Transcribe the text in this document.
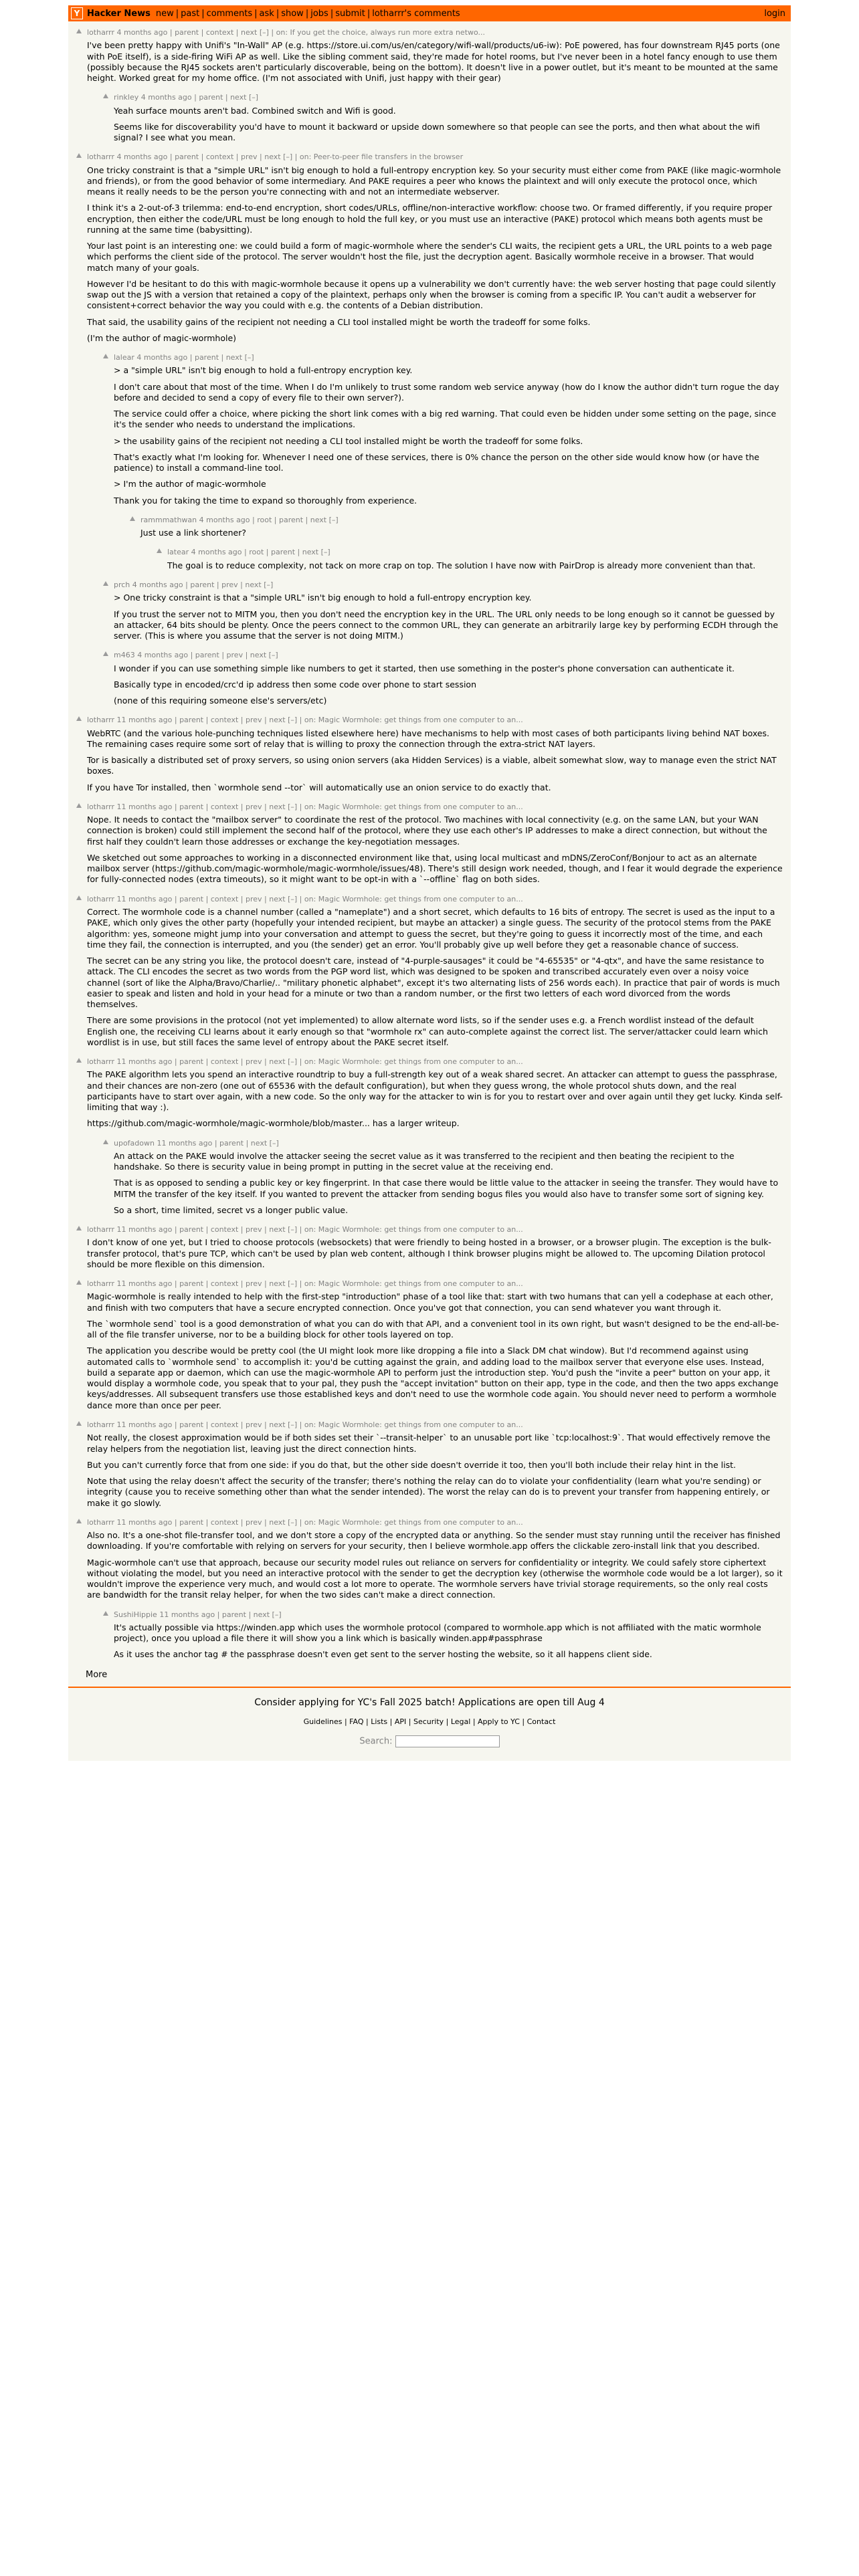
Y Hacker News new | past | comments | ask | show | jobs | submit | lotharrr's comments	login
lotharrr 4 months ago | parent | context | next [–] | on: If you get the choice, always run more extra netwo...

I've been pretty happy with Unifi's "In-Wall" AP (e.g. https://store.ui.com/us/en/category/wifi-wall/products/u6-iw): PoE powered, has four downstream RJ45 ports (one with PoE itself), is a side-firing WiFi AP as well. Like the sibling comment said, they're made for hotel rooms, but I've never been in a hotel fancy enough to use them (possibly because the RJ45 sockets aren't particularly discoverable, being on the bottom). It doesn't live in a power outlet, but it's meant to be mounted at the same height. Worked great for my home office. (I'm not associated with Unifi, just happy with their gear)

rinkley 4 months ago | parent | next [–]

Yeah surface mounts aren't bad. Combined switch and Wifi is good.

Seems like for discoverability you'd have to mount it backward or upside down somewhere so that people can see the ports, and then what about the wifi signal? I see what you mean.

lotharrr 4 months ago | parent | context | prev | next [–] | on: Peer-to-peer file transfers in the browser

One tricky constraint is that a "simple URL" isn't big enough to hold a full-entropy encryption key. So your security must either come from PAKE (like magic-wormhole and friends), or from the good behavior of some intermediary. And PAKE requires a peer who knows the plaintext and will only execute the protocol once, which means it really needs to be the person you're connecting with and not an intermediate webserver.

I think it's a 2-out-of-3 trilemma: end-to-end encryption, short codes/URLs, offline/non-interactive workflow: choose two. Or framed differently, if you require proper encryption, then either the code/URL must be long enough to hold the full key, or you must use an interactive (PAKE) protocol which means both agents must be running at the same time (babysitting).

Your last point is an interesting one: we could build a form of magic-wormhole where the sender's CLI waits, the recipient gets a URL, the URL points to a web page which performs the client side of the protocol. The server wouldn't host the file, just the decryption agent. Basically wormhole receive in a browser. That would match many of your goals.

However I'd be hesitant to do this with magic-wormhole because it opens up a vulnerability we don't currently have: the web server hosting that page could silently swap out the JS with a version that retained a copy of the plaintext, perhaps only when the browser is coming from a specific IP. You can't audit a webserver for consistent+correct behavior the way you could with e.g. the contents of a Debian distribution.

That said, the usability gains of the recipient not needing a CLI tool installed might be worth the tradeoff for some folks.

(I'm the author of magic-wormhole)

lalear 4 months ago | parent | next [–]

> a "simple URL" isn't big enough to hold a full-entropy encryption key.

I don't care about that most of the time. When I do I'm unlikely to trust some random web service anyway (how do I know the author didn't turn rogue the day before and decided to send a copy of every file to their own server?).

The service could offer a choice, where picking the short link comes with a big red warning. That could even be hidden under some setting on the page, since it's the sender who needs to understand the implications.

> the usability gains of the recipient not needing a CLI tool installed might be worth the tradeoff for some folks.

That's exactly what I'm looking for. Whenever I need one of these services, there is 0% chance the person on the other side would know how (or have the patience) to install a command-line tool.

> I'm the author of magic-wormhole

Thank you for taking the time to expand so thoroughly from experience.

rammmathwan 4 months ago | root | parent | next [–]

Just use a link shortener?

latear 4 months ago | root | parent | next [–]

The goal is to reduce complexity, not tack on more crap on top. The solution I have now with PairDrop is already more convenient than that.

prch 4 months ago | parent | prev | next [–]

> One tricky constraint is that a "simple URL" isn't big enough to hold a full-entropy encryption key.

If you trust the server not to MITM you, then you don't need the encryption key in the URL. The URL only needs to be long enough so it cannot be guessed by an attacker, 64 bits should be plenty. Once the peers connect to the common URL, they can generate an arbitrarily large key by performing ECDH through the server. (This is where you assume that the server is not doing MITM.)

m463 4 months ago | parent | prev | next [–]

I wonder if you can use something simple like numbers to get it started, then use something in the poster's phone conversation can authenticate it.

Basically type in encoded/crc'd ip address then some code over phone to start session

(none of this requiring someone else's servers/etc)

lotharrr 11 months ago | parent | context | prev | next [–] | on: Magic Wormhole: get things from one computer to an...

WebRTC (and the various hole-punching techniques listed elsewhere here) have mechanisms to help with most cases of both participants living behind NAT boxes. The remaining cases require some sort of relay that is willing to proxy the connection through the extra-strict NAT layers.

Tor is basically a distributed set of proxy servers, so using onion servers (aka Hidden Services) is a viable, albeit somewhat slow, way to manage even the strict NAT boxes.

If you have Tor installed, then `wormhole send --tor` will automatically use an onion service to do exactly that.

lotharrr 11 months ago | parent | context | prev | next [–] | on: Magic Wormhole: get things from one computer to an...

Nope. It needs to contact the "mailbox server" to coordinate the rest of the protocol. Two machines with local connectivity (e.g. on the same LAN, but your WAN connection is broken) could still implement the second half of the protocol, where they use each other's IP addresses to make a direct connection, but without the first half they couldn't learn those addresses or exchange the key-negotiation messages.

We sketched out some approaches to working in a disconnected environment like that, using local multicast and mDNS/ZeroConf/Bonjour to act as an alternate mailbox server (https://github.com/magic-wormhole/magic-wormhole/issues/48). There's still design work needed, though, and I fear it would degrade the experience for fully-connected nodes (extra timeouts), so it might want to be opt-in with a `--offline` flag on both sides.

lotharrr 11 months ago | parent | context | prev | next [–] | on: Magic Wormhole: get things from one computer to an...

Correct. The wormhole code is a channel number (called a "nameplate") and a short secret, which defaults to 16 bits of entropy. The secret is used as the input to a PAKE, which only gives the other party (hopefully your intended recipient, but maybe an attacker) a single guess. The security of the protocol stems from the PAKE algorithm: yes, someone might jump into your conversation and attempt to guess the secret, but they're going to guess it incorrectly most of the time, and each time they fail, the connection is interrupted, and you (the sender) get an error. You'll probably give up well before they get a reasonable chance of success.

The secret can be any string you like, the protocol doesn't care, instead of "4-purple-sausages" it could be "4-65535" or "4-qtx", and have the same resistance to attack. The CLI encodes the secret as two words from the PGP word list, which was designed to be spoken and transcribed accurately even over a noisy voice channel (sort of like the Alpha/Bravo/Charlie/.. "military phonetic alphabet", except it's two alternating lists of 256 words each). In practice that pair of words is much easier to speak and listen and hold in your head for a minute or two than a random number, or the first two letters of each word divorced from the words themselves.

There are some provisions in the protocol (not yet implemented) to allow alternate word lists, so if the sender uses e.g. a French wordlist instead of the default English one, the receiving CLI learns about it early enough so that "wormhole rx" can auto-complete against the correct list. The server/attacker could learn which wordlist is in use, but still faces the same level of entropy about the PAKE secret itself.

lotharrr 11 months ago | parent | context | prev | next [–] | on: Magic Wormhole: get things from one computer to an...

The PAKE algorithm lets you spend an interactive roundtrip to buy a full-strength key out of a weak shared secret. An attacker can attempt to guess the passphrase, and their chances are non-zero (one out of 65536 with the default configuration), but when they guess wrong, the whole protocol shuts down, and the real participants have to start over again, with a new code. So the only way for the attacker to win is for you to restart over and over again until they get lucky. Kinda self-limiting that way :).

https://github.com/magic-wormhole/magic-wormhole/blob/master... has a larger writeup.

upofadown 11 months ago | parent | next [–]

An attack on the PAKE would involve the attacker seeing the secret value as it was transferred to the recipient and then beating the recipient to the handshake. So there is security value in being prompt in putting in the secret value at the receiving end.

That is as opposed to sending a public key or key fingerprint. In that case there would be little value to the attacker in seeing the transfer. They would have to MITM the transfer of the key itself. If you wanted to prevent the attacker from sending bogus files you would also have to transfer some sort of signing key.

So a short, time limited, secret vs a longer public value.

lotharrr 11 months ago | parent | context | prev | next [–] | on: Magic Wormhole: get things from one computer to an...

I don't know of one yet, but I tried to choose protocols (websockets) that were friendly to being hosted in a browser, or a browser plugin. The exception is the bulk-transfer protocol, that's pure TCP, which can't be used by plan web content, although I think browser plugins might be allowed to. The upcoming Dilation protocol should be more flexible on this dimension.

lotharrr 11 months ago | parent | context | prev | next [–] | on: Magic Wormhole: get things from one computer to an...

Magic-wormhole is really intended to help with the first-step "introduction" phase of a tool like that: start with two humans that can yell a codephase at each other, and finish with two computers that have a secure encrypted connection. Once you've got that connection, you can send whatever you want through it.

The `wormhole send` tool is a good demonstration of what you can do with that API, and a convenient tool in its own right, but wasn't designed to be the end-all-be-all of the file transfer universe, nor to be a building block for other tools layered on top.

The application you describe would be pretty cool (the UI might look more like dropping a file into a Slack DM chat window). But I'd recommend against using automated calls to `wormhole send` to accomplish it: you'd be cutting against the grain, and adding load to the mailbox server that everyone else uses. Instead, build a separate app or daemon, which can use the magic-wormhole API to perform just the introduction step. You'd push the "invite a peer" button on your app, it would display a wormhole code, you speak that to your pal, they push the "accept invitation" button on their app, type in the code, and then the two apps exchange keys/addresses. All subsequent transfers use those established keys and don't need to use the wormhole code again. You should never need to perform a wormhole dance more than once per peer.

lotharrr 11 months ago | parent | context | prev | next [–] | on: Magic Wormhole: get things from one computer to an...

Not really, the closest approximation would be if both sides set their `--transit-helper` to an unusable port like `tcp:localhost:9`. That would effectively remove the relay helpers from the negotiation list, leaving just the direct connection hints.

But you can't currently force that from one side: if you do that, but the other side doesn't override it too, then you'll both include their relay hint in the list.

Note that using the relay doesn't affect the security of the transfer; there's nothing the relay can do to violate your confidentiality (learn what you're sending) or integrity (cause you to receive something other than what the sender intended). The worst the relay can do is to prevent your transfer from happening entirely, or make it go slowly.

lotharrr 11 months ago | parent | context | prev | next [–] | on: Magic Wormhole: get things from one computer to an...

Also no. It's a one-shot file-transfer tool, and we don't store a copy of the encrypted data or anything. So the sender must stay running until the receiver has finished downloading. If you're comfortable with relying on servers for your security, then I believe wormhole.app offers the clickable zero-install link that you described.

Magic-wormhole can't use that approach, because our security model rules out reliance on servers for confidentiality or integrity. We could safely store ciphertext without violating the model, but you need an interactive protocol with the sender to get the decryption key (otherwise the wormhole code would be a lot larger), so it wouldn't improve the experience very much, and would cost a lot more to operate. The wormhole servers have trivial storage requirements, so the only real costs are bandwidth for the transit relay helper, for when the two sides can't make a direct connection.

SushiHippie 11 months ago | parent | next [–]

It's actually possible via https://winden.app which uses the wormhole protocol (compared to wormhole.app which is not affiliated with the matic wormhole project), once you upload a file there it will show you a link which is basically winden.app#passphrase

As it uses the anchor tag # the passphrase doesn't even get sent to the server hosting the website, so it all happens client side.

More
Consider applying for YC's Fall 2025 batch! Applications are open till Aug 4
Guidelines | FAQ | Lists | API | Security | Legal | Apply to YC | Contact
Search:
